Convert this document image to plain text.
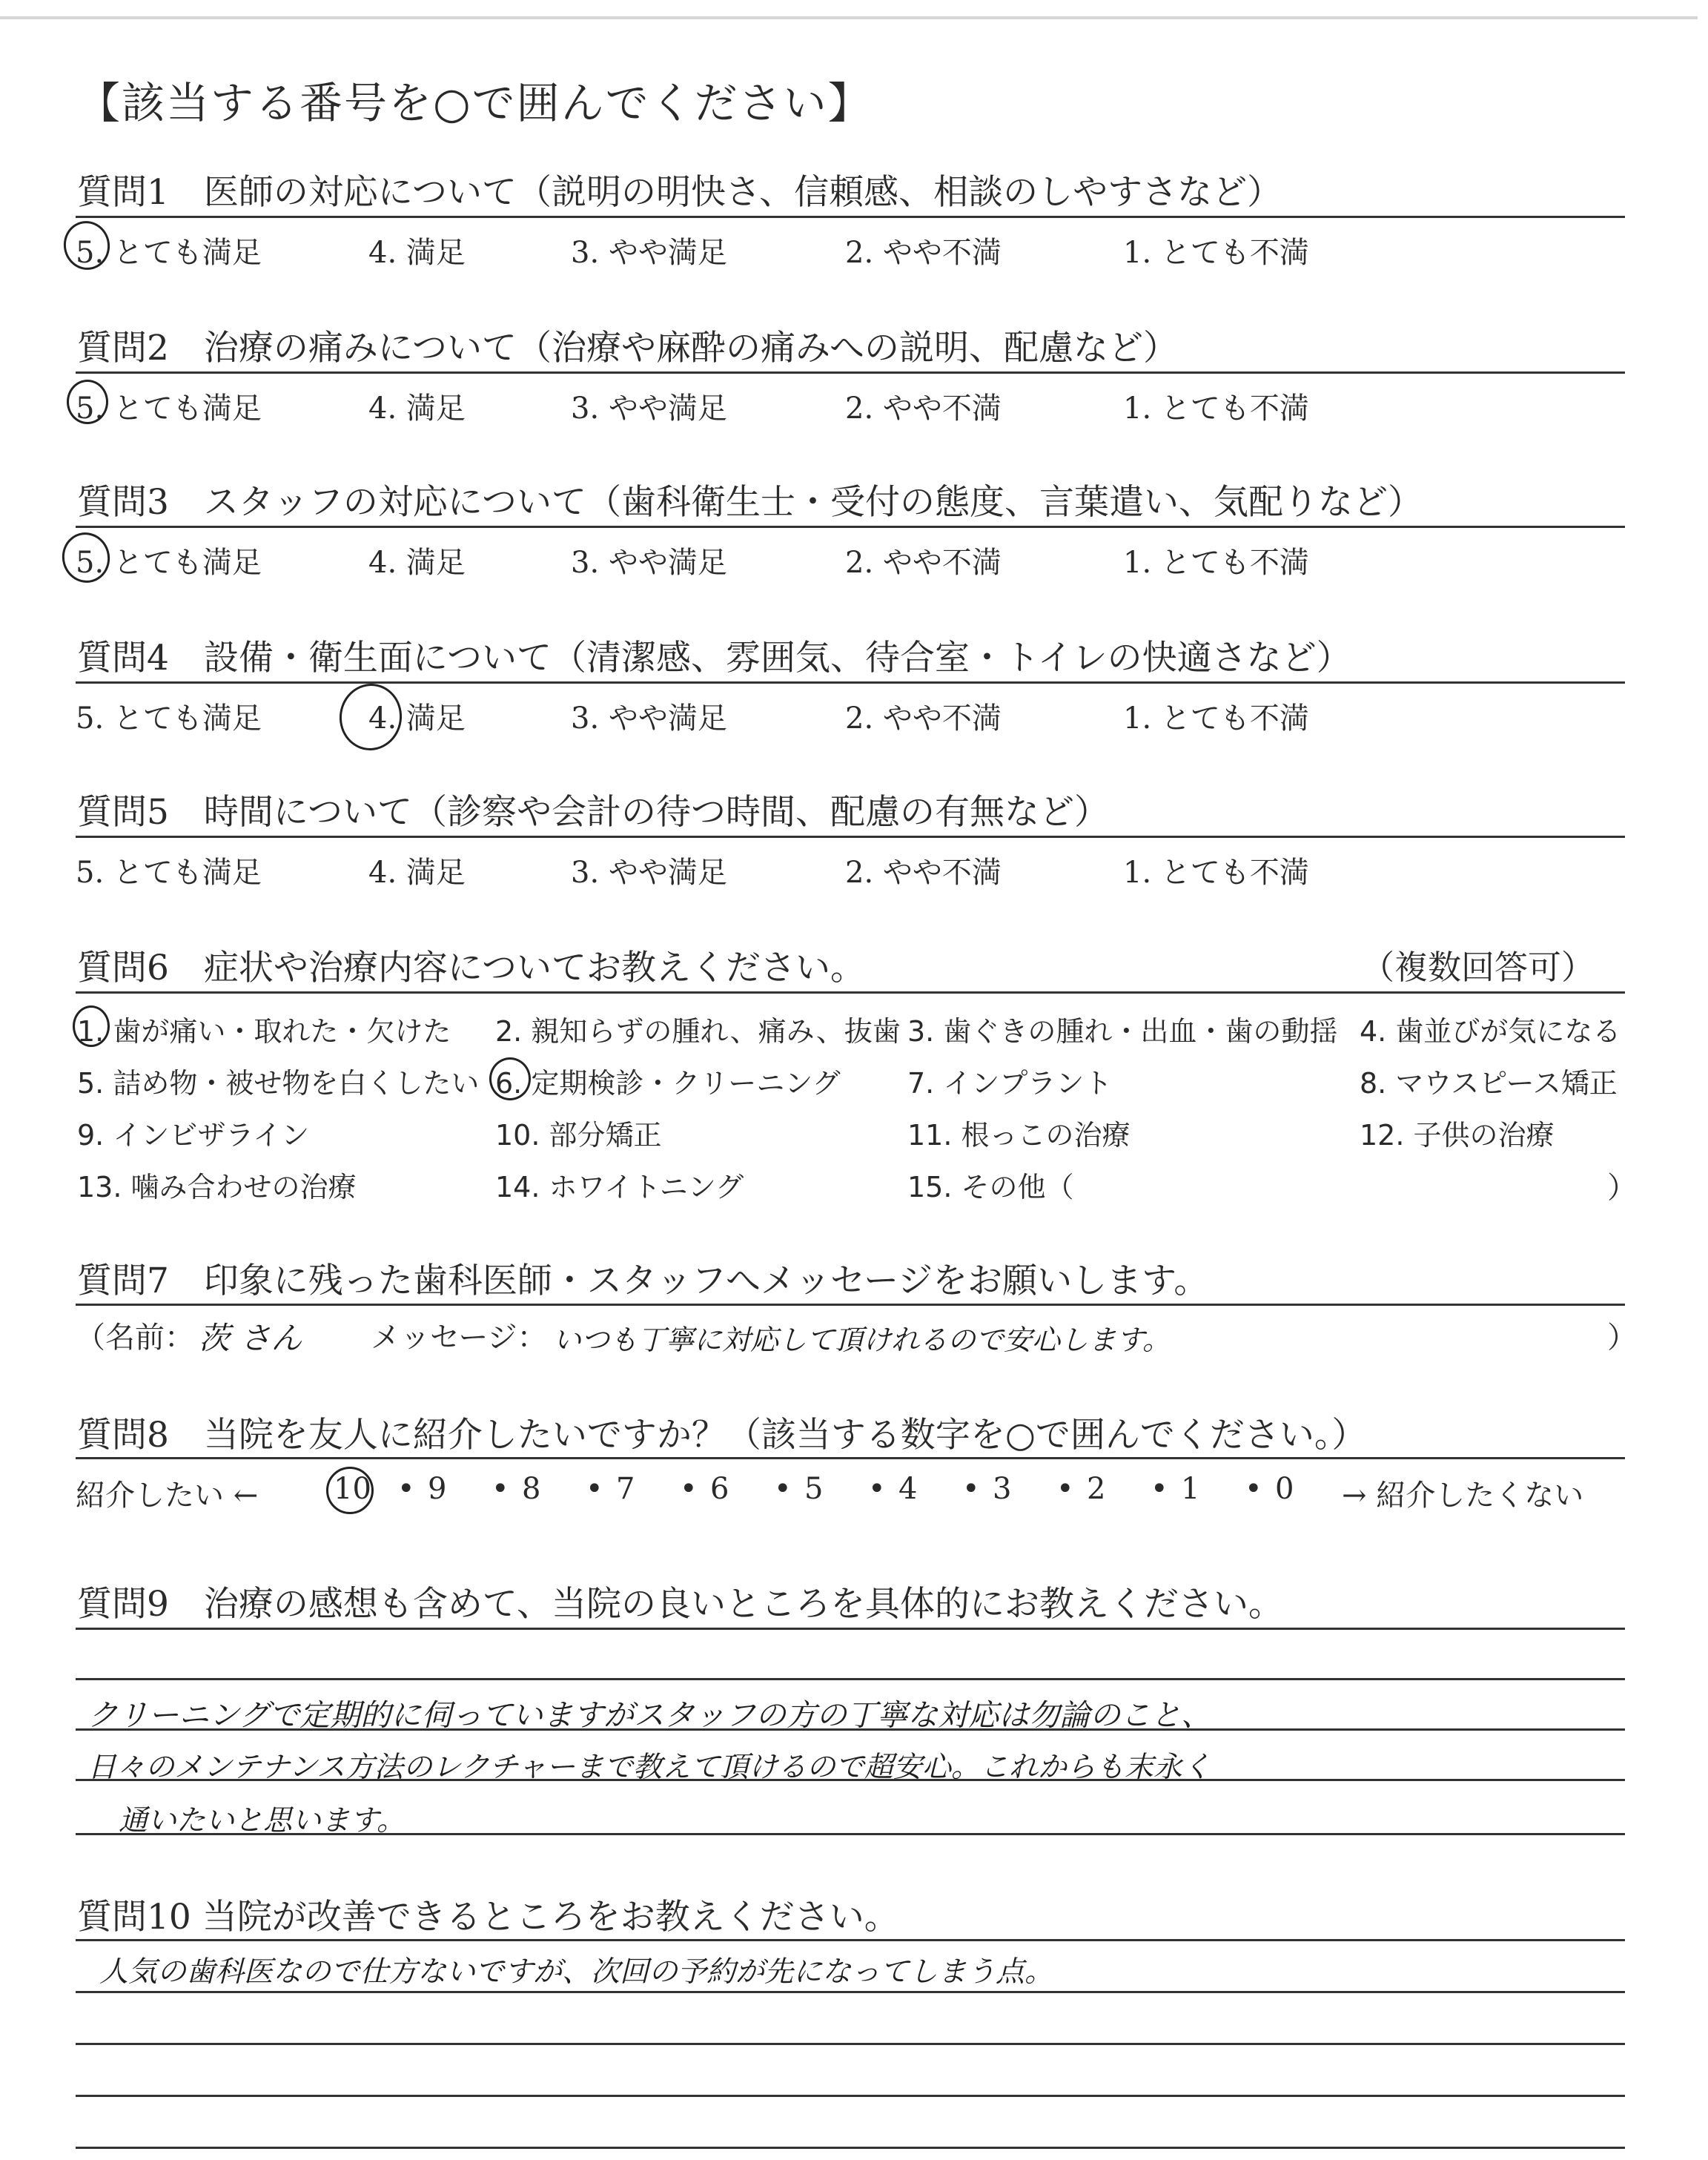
【該当する番号を○で囲んでください】
質問1　医師の対応について（説明の明快さ、信頼感、相談のしやすさなど）
5. とても満足	4. 満足	3. やや満足	2. やや不満	1. とても不満
質問2　治療の痛みについて（治療や麻酔の痛みへの説明、配慮など）
5. とても満足	4. 満足	3. やや満足	2. やや不満	1. とても不満
質問3　スタッフの対応について（歯科衛生士・受付の態度、言葉遣い、気配りなど）
5. とても満足	4. 満足	3. やや満足	2. やや不満	1. とても不満
質問4　設備・衛生面について（清潔感、雰囲気、待合室・トイレの快適さなど）
5. とても満足	4. 満足	3. やや満足	2. やや不満	1. とても不満
質問5　時間について（診察や会計の待つ時間、配慮の有無など）
5. とても満足	4. 満足	3. やや満足	2. やや不満	1. とても不満
質問6　症状や治療内容についてお教えください。	（複数回答可）
1. 歯が痛い・取れた・欠けた 2. 親知らずの腫れ、痛み、抜歯 3. 歯ぐきの腫れ・出血・歯の動揺 4. 歯並びが気になる
5. 詰め物・被せ物を白くしたい 6. 定期検診・クリーニング 7. インプラント	8. マウスピース矯正
9. インビザライン	10. 部分矯正	11. 根っこの治療	12. 子供の治療
13. 噛み合わせの治療	14. ホワイトニング	15. その他（	）
質問7　印象に残った歯科医師・スタッフへメッセージをお願いします。
（名前： 茨 さん メッセージ： いつも丁寧に対応して頂けれるので安心します。	）
質問8　当院を友人に紹介したいですか？（該当する数字を○で囲んでください。）
紹介したい ←	10 • 9 • 8 • 7 • 6 • 5 • 4 • 3 • 2 • 1 • 0 → 紹介したくない
質問9　治療の感想も含めて、当院の良いところを具体的にお教えください。
クリーニングで定期的に伺っていますがスタッフの方の丁寧な対応は勿論のこと、
日々のメンテナンス方法のレクチャーまで教えて頂けるので超安心。これからも末永く
通いたいと思います。
質問10 当院が改善できるところをお教えください。
人気の歯科医なので仕方ないですが、次回の予約が先になってしまう点。
